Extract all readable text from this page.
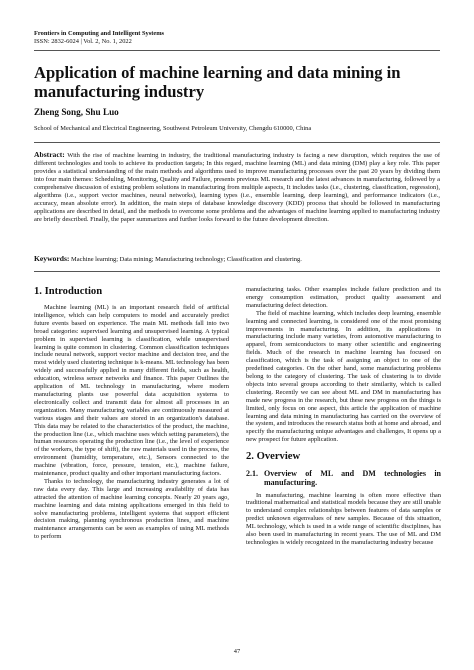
Frontiers in Computing and Intelligent Systems
ISSN: 2832-6024 | Vol. 2, No. 1, 2022
Application of machine learning and data mining in manufacturing industry
Zheng Song, Shu Luo
School of Mechanical and Electrical Engineering, Southwest Petroleum University, Chengdu 610000, China
Abstract: With the rise of machine learning in industry, the traditional manufacturing industry is facing a new disruption, which requires the use of different technologies and tools to achieve its production targets; In this regard, machine learning (ML) and data mining (DM) play a key role. This paper provides a statistical understanding of the main methods and algorithms used to improve manufacturing processes over the past 20 years by dividing them into four main themes: Scheduling, Monitoring, Quality and Failure, presents previous ML research and the latest advances in manufacturing, followed by a comprehensive discussion of existing problem solutions in manufacturing from multiple aspects, It includes tasks (i.e., clustering, classification, regression), algorithms (i.e., support vector machines, neural networks), learning types (i.e., ensemble learning, deep learning), and performance indicators (i.e., accuracy, mean absolute error). In addition, the main steps of database knowledge discovery (KDD) process that should be followed in manufacturing applications are described in detail, and the methods to overcome some problems and the advantages of machine learning applied to manufacturing industry are briefly described. Finally, the paper summarizes and further looks forward to the future development direction.
Keywords: Machine learning; Data mining; Manufacturing technology; Classification and clustering.
1. Introduction

Machine learning (ML) is an important research field of artificial intelligence, which can help computers to model and accurately predict future events based on experience. The main ML methods fall into two broad categories: supervised learning and unsupervised learning. A typical problem in supervised learning is classification, while unsupervised learning is quite common in clustering. Common classification techniques include neural network, support vector machine and decision tree, and the most widely used clustering technique is k-means. ML technology has been widely and successfully applied in many different fields, such as health, education, wireless sensor networks and finance. This paper Outlines the application of ML technology in manufacturing, where modern manufacturing plants use powerful data acquisition systems to electronically collect and transmit data for almost all processes in an organization. Many manufacturing variables are continuously measured at various stages and their values are stored in an organization's database. This data may be related to the characteristics of the product, the machine, the production line (i.e., which machine uses which setting parameters), the human resources operating the production line (i.e., the level of experience of the workers, the type of shift), the raw materials used in the process, the environment (humidity, temperature, etc.), Sensors connected to the machine (vibration, force, pressure, tension, etc.), machine failure, maintenance, product quality and other important manufacturing factors.

Thanks to technology, the manufacturing industry generates a lot of raw data every day. This large and increasing availability of data has attracted the attention of machine learning concepts. Nearly 20 years ago, machine learning and data mining applications emerged in this field to solve manufacturing problems, intelligent systems that support efficient decision making, planning synchronous production lines, and machine maintenance arrangements can be seen as examples of using ML methods to perform

manufacturing tasks. Other examples include failure prediction and its energy consumption estimation, product quality assessment and manufacturing defect detection.

The field of machine learning, which includes deep learning, ensemble learning and connected learning, is considered one of the most promising improvements in manufacturing. In addition, its applications in manufacturing include many varieties, from automotive manufacturing to apparel, from semiconductors to many other scientific and engineering fields. Much of the research in machine learning has focused on classification, which is the task of assigning an object to one of the predefined categories. On the other hand, some manufacturing problems belong to the category of clustering. The task of clustering is to divide objects into several groups according to their similarity, which is called clustering. Recently we can see about ML and DM in manufacturing has made new progress in the research, but these new progress on the things is limited, only focus on one aspect, this article the application of machine learning and data mining in manufacturing has carried on the overview of the system, and introduces the research status both at home and abroad, and specify the manufacturing unique advantages and challenges, It opens up a new prospect for future application.

2. Overview
2.1. Overview of ML and DM technologies in manufacturing.

In manufacturing, machine learning is often more effective than traditional mathematical and statistical models because they are still unable to understand complex relationships between features of data samples or predict unknown eigenvalues of new samples. Because of this situation, ML technology, which is used in a wide range of scientific disciplines, has also been used in manufacturing in recent years. The use of ML and DM technologies is widely recognized in the manufacturing industry because

47
